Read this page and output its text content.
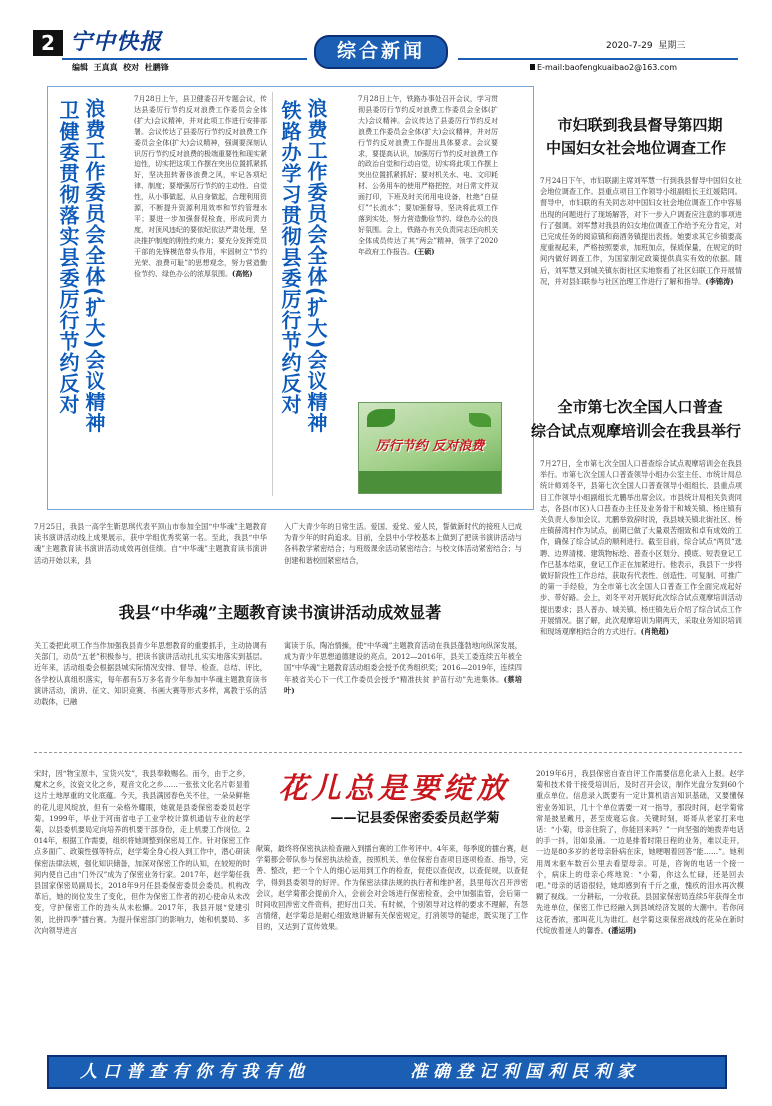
2 宁中快报
编辑  王真真  校对  杜鹏锋
综合新闻	2020-7-29 星期三
E-mail:baofengkuaibao2@163.com
卫健委贯彻落实县委厉行节约反对 浪费工作委员会全体(扩大)会议精神	7月28日上午，县卫健委召开专题会议，传达县委厉行节约反对浪费工作委员会全体(扩大)会议精神，并对此项工作进行安排部署。会议传达了县委厉行节约反对浪费工作委员会全体(扩大)会议精神，强调要深刻认识厉行节约反对浪费的极端重要性和现实紧迫性，切实把这项工作摆在突出位置抓紧抓好，坚决扭转奢侈浪费之风，牢记各项纪律、制度；要增强厉行节约的主动性、自觉性，从小事做起，从自身做起，合理利用资源，不断提升资源利用效率和节约管理水平；要进一步加强督促检查，形成问责力度，对顶风违纪的要依纪依法严肃处理，坚决推护制度的刚性约束力；要充分发挥党员干部的先锋模范带头作用，牢固树立“节约光荣、浪费可耻”的思想观念，努力营造勤俭节约、绿色办公的浓厚氛围。(高铭)	铁路办学习贯彻县委厉行节约反对 浪费工作委员会全体(扩大)会议精神	7月28日上午，铁路办事处召开会议，学习贯彻县委厉行节约反对浪费工作委员会全体(扩大)会议精神。会议传达了县委厉行节约反对浪费工作委员会全体(扩大)会议精神，并对厉行节约反对浪费工作提出具体要求。会议要求，要提高认识，加强厉行节约反对浪费工作的政治自觉和行动自觉，切实将此项工作摆上突出位置抓紧抓好；要对机关水、电、文印耗材、公务用车的使用严格把控，对日常文件双面打印，下班及时关闭用电设备，杜绝“白昼灯”“长流水”；要加强督导，坚决将此项工作落到实处，努力营造勤俭节约、绿色办公的良好氛围。会上，铁路办有关负责同志还向机关全体成员传达了其“两会”精神，领学了2020年政府工作报告。(王硕)
厉行节约 反对浪费
市妇联到我县督导第四期
中国妇女社会地位调查工作
7月24日下午，市妇联副主席刘军慧一行到我县督导中国妇女社会地位调查工作。县重点项目工作领导小组副组长王红媛陪同。督导中，市妇联的有关同志对中国妇女社会地位调查工作中容易出现的问题进行了现场解答，对下一步入户调查应注意的事项进行了强调。刘军慧对我县的妇女地位调查工作给予充分肯定，对已完成任务的阅谅镇和商酒务镇提出表扬。她要求其它乡镇要高度重视起来，严格按照要求，加班加点，保质保量，在规定的时间内做好调查工作，为国家制定政策提供真实有效的依据。随后，刘军慧又到城关镇东街社区实地察看了社区妇联工作开展情况，并对县妇联参与社区治理工作进行了解和指导。(李锦涛)
全市第七次全国人口普查
综合试点观摩培训会在我县举行
7月27日，全市第七次全国人口普查综合试点观摩培训会在我县举行。市第七次全国人口普查领导小组办公室主任、市统计局总统计师刘冬平，县第七次全国人口普查领导小组组长、县重点项目工作领导小组副组长尤鹏举出席会议。市县统计局相关负责同志，各县(市区)人口普查办主任及业务骨干和城关镇、杨庄镇有关负责人参加会议。尤鹏举致辞时说，我县城关镇北街社区、杨庄镇薛湾村作为试点，前期已做了大量艰苦细致和卓有成效的工作，确保了综合试点的顺利进行。截至目前，综合试点“两员”选聘、边界清楼、建筑物标绘、普查小区划分、摸底、短表登记工作已基本结束，登记工作正在加紧进行。他表示，我县下一步将做好阶段性工作总结，获取有代表性、创造性、可复制、可推广的第一手经验，为全市第七次全国人口普查工作全面完成起好步、带好路。会上，刘冬平对开展好此次综合试点观摩培训活动提出要求；县人普办、城关镇、杨庄镇先后介绍了综合试点工作开展情况。据了解，此次观摩培训为期两天，采取业务知识培训和现场观摩相结合的方式进行。(肖艳超)
7月25日，我县一高学生靳思琪代表平顶山市参加全国“中华魂”主题教育读书演讲活动线上成果展示，获中学组优秀奖第一名。至此，我县“中华魂”主题教育读书演讲活动成效再创佳绩。自“中华魂”主题教育读书演讲活动开始以来，县
入广大青少年的日常生活。爱国、爱党、爱人民，誓做新时代的接班人已成为青少年的时尚追求。目前，全县中小学校基本上做到了把读书演讲活动与各科教学紧密结合；与班级课余活动紧密结合；与校文体活动紧密结合；与创建和谐校园紧密结合，
我县“中华魂”主题教育读书演讲活动成效显著
关工委把此项工作当作加强我县青少年思想教育的重要抓手，主动协调有关部门，动员“五老”积极参与，把读书演讲活动扎扎实实地落实到基层。近年来，活动组委会根据县城实际情况安排、督导、检查、总结、评比，各学校认真组织落实，每年都有5万多名青少年参加中华魂主题教育读书演讲活动，演讲、征文、知识竞赛、书画大赛等形式多样，寓教于乐的活动载体，已融
寓读于乐，陶冶情操，使“中华魂”主题教育活动在我县蓬勃地向纵深发展，成为青少年思想道德建设的亮点。2012—2016年，县关工委连续五年被全国“中华魂”主题教育活动组委会授予优秀组织奖；2016—2019年，连续四年被省关心下一代工作委员会授予“精准扶贫 护苗行动”先进集体。(蔡培叶)
宋时，因“物宝原丰，宝货兴发”，我县奉敕赐名。而今，由于之乡，魔术之乡，汝瓷文化之乡，观音文化之乡……一张张文化名片彰显着这片土地厚重的文化底蕴。今天，我县满园春色关不住，一朵朵鲜艳的花儿迎风绽放，但有一朵格外耀眼，她就是县委保密委委员赵学菊。1999年，毕业于河南省电子工业学校计算机通信专业的赵学菊，以县委机要局定向培养的机要干部身份，走上机要工作岗位。2014年，根据工作需要，组织将她调整到保密局工作。针对保密工作点多面广、政策性强等特点，赵学菊全身心投入到工作中，潜心研读保密法律法规，强化知识储备，加深对保密工作的认知，在较短的时间内使自己由“门外汉”成为了保密业务行家。2017年，赵学菊任我县国家保密局副局长，2018年9月任县委保密委员会委员。机构改革后，她的岗位发生了变化，但作为保密工作者的初心使命从未改变，守护保密工作的劲头从未松懈。2017年，我县开展“党建引领，比拼四季”擂台赛。为提升保密部门的影响力，她和机要局、多次向领导进言
花儿总是要绽放
——记县委保密委委员赵学菊
献策，最终将保密执法检查融入到擂台赛的工作考评中。4年来，每季度的擂台赛，赵学菊都会带队参与保密执法检查，按照机关、单位保密自查项目逐项检查、指导，完善、整改，把一个个人的细心运用到工作的检查，促使以查促改，以查促规，以查促学，得到县委领导的好评。作为保密法律法规的执行者和维护者，县里每次召开涉密会议，赵学菊都会提前介入，会前会对会场进行保密检查，会中加强监管，会后第一时间收回涉密文件资料，把好出口关。有时候，个别领导对这样的要求不理解，有怨言情绪，赵学菊总是耐心细致地讲解有关保密规定，打消领导的疑虑，既实现了工作目的，又达到了宣传效果。
2019年6月，我县保密自查自评工作需要信息化录入上报。赵学菊和技术骨干接受培训后，及时召开会议，制作光盘分发到60个重点单位。信息录入既要有一定计算机语言知识基础，又要懂保密业务知识，几十个单位需要一对一指导，那段时间，赵学菊常常是披星戴月，甚至废寝忘食。关键时刻，哥哥从老家打来电话：“小菊，母亲住院了，你能回来吗？”一向坚强的她拨弄电话的手一抖，泪如泉涌。一边是排着时限日程的业务，难以走开，一边是80多岁的老母亲卧病在床，她哽咽着回答“能……”。她利用周末驱车数百公里去看望母亲。可是，咨询的电话一个接一个，病床上的母亲心疼地说：“小菊，你这么忙碌，还是回去吧。”母亲的话语很轻，她却感到有千斤之重，愧疚的泪水再次模糊了视线。一分耕耘，一分收获。县国家保密局连续5年获得全市先进单位，保密工作已经融入到县域经济发展的大潮中。若你问这花香浓，那叫花儿为谁红。赵学菊这束保密战线的花朵在新时代绽放着迷人的馨香。(潘运明)
人口普查有你有我有他	准确登记利国利民利家
